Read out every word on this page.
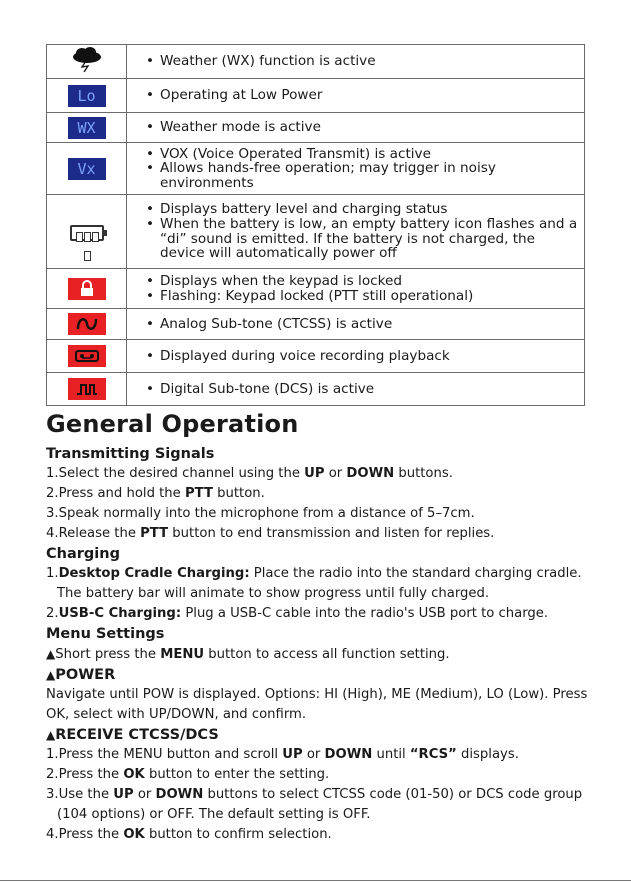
• Weather (WX) function is active

Lo	• Operating at Low Power

WX	• Weather mode is active

Vx	• VOX (Voice Operated Transmit) is active
• Allows hands-free operation; may trigger in noisy environments

	• Displays battery level and charging status
• When the battery is low, an empty battery icon flashes and a “di” sound is emitted. If the battery is not charged, the device will automatically power off

• Displays when the keypad is locked
• Flashing: Keypad locked (PTT still operational)

• Analog Sub-tone (CTCSS) is active

• Displayed during voice recording playback

• Digital Sub-tone (DCS) is active
General Operation
Transmitting Signals

1.Select the desired channel using the UP or DOWN buttons.

2.Press and hold the PTT button.

3.Speak normally into the microphone from a distance of 5–7cm.

4.Release the PTT button to end transmission and listen for replies.

Charging

1.Desktop Cradle Charging: Place the radio into the standard charging cradle. The battery bar will animate to show progress until fully charged.

2.USB-C Charging: Plug a USB-C cable into the radio's USB port to charge.

Menu Settings

▲Short press the MENU button to access all function setting.

▲POWER

Navigate until POW is displayed. Options: HI (High), ME (Medium), LO (Low). Press OK, select with UP/DOWN, and confirm.

▲RECEIVE CTCSS/DCS

1.Press the MENU button and scroll UP or DOWN until “RCS” displays.

2.Press the OK button to enter the setting.

3.Use the UP or DOWN buttons to select CTCSS code (01-50) or DCS code group (104 options) or OFF. The default setting is OFF.

4.Press the OK button to confirm selection.
